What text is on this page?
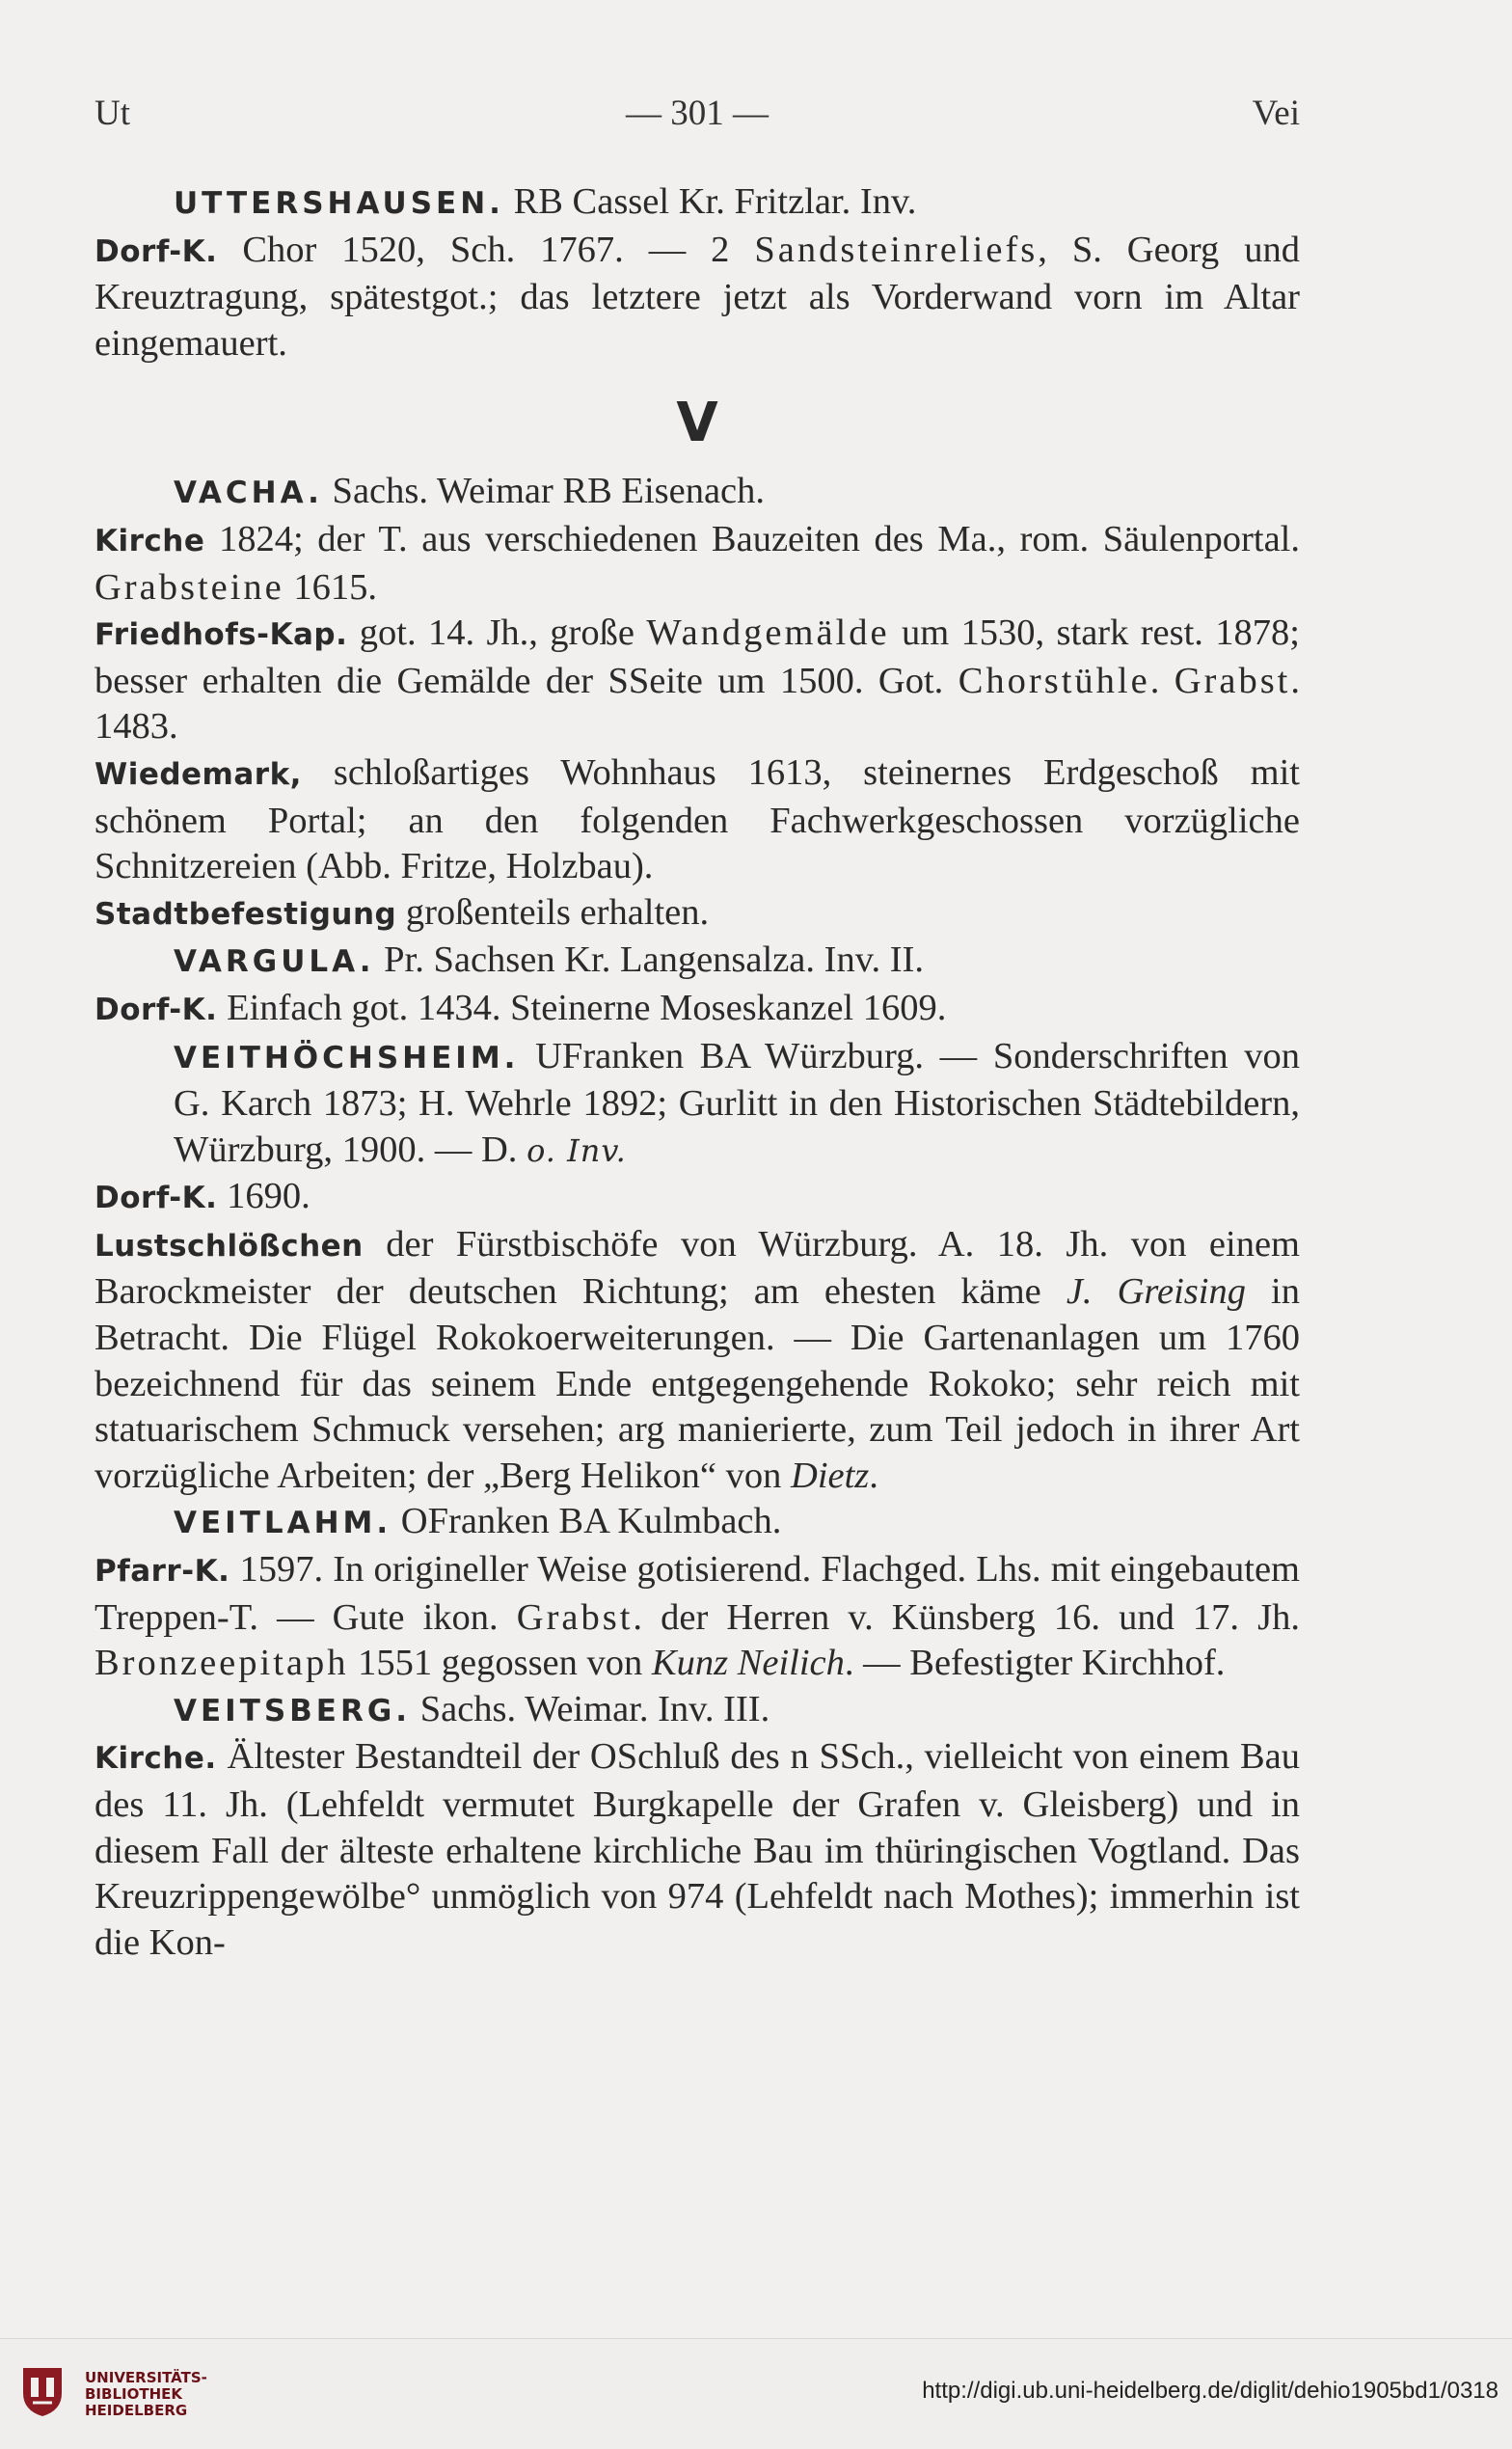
Ut	— 301 —	Vei

UTTERSHAUSEN. RB Cassel Kr. Fritzlar. Inv.

Dorf-K. Chor 1520, Sch. 1767. — 2 Sandsteinreliefs, S. Georg und Kreuztragung, spätestgot.; das letztere jetzt als Vorderwand vorn im Altar eingemauert.

V

VACHA. Sachs. Weimar RB Eisenach.

Kirche 1824; der T. aus verschiedenen Bauzeiten des Ma., rom. Säulenportal. Grabsteine 1615.

Friedhofs-Kap. got. 14. Jh., große Wandgemälde um 1530, stark rest. 1878; besser erhalten die Gemälde der SSeite um 1500. Got. Chorstühle. Grabst. 1483.

Wiedemark, schloßartiges Wohnhaus 1613, steinernes Erdgeschoß mit schönem Portal; an den folgenden Fachwerkgeschossen vorzügliche Schnitzereien (Abb. Fritze, Holzbau).

Stadtbefestigung großenteils erhalten.

VARGULA. Pr. Sachsen Kr. Langensalza. Inv. II.

Dorf-K. Einfach got. 1434. Steinerne Moseskanzel 1609.

VEITHÖCHSHEIM. UFranken BA Würzburg. — Sonderschriften von G. Karch 1873; H. Wehrle 1892; Gurlitt in den Historischen Städtebildern, Würzburg, 1900. — D. o. Inv.

Dorf-K. 1690.

Lustschlößchen der Fürstbischöfe von Würzburg. A. 18. Jh. von einem Barockmeister der deutschen Richtung; am ehesten käme J. Greising in Betracht. Die Flügel Rokokoerweiterungen. — Die Gartenanlagen um 1760 bezeichnend für das seinem Ende entgegengehende Rokoko; sehr reich mit statuarischem Schmuck versehen; arg manierierte, zum Teil jedoch in ihrer Art vorzügliche Arbeiten; der „Berg Helikon“ von Dietz.

VEITLAHM. OFranken BA Kulmbach.

Pfarr-K. 1597. In origineller Weise gotisierend. Flachged. Lhs. mit eingebautem Treppen-T. — Gute ikon. Grabst. der Herren v. Künsberg 16. und 17. Jh. Bronzeepitaph 1551 gegossen von Kunz Neilich. — Befestigter Kirchhof.

VEITSBERG. Sachs. Weimar. Inv. III.

Kirche. Ältester Bestandteil der OSchluß des n SSch., vielleicht von einem Bau des 11. Jh. (Lehfeldt vermutet Burgkapelle der Grafen v. Gleisberg) und in diesem Fall der älteste erhaltene kirchliche Bau im thüringischen Vogtland. Das Kreuzrippengewölbe° unmöglich von 974 (Lehfeldt nach Mothes); immerhin ist die Kon-

UNIVERSITÄTS-
BIBLIOTHEK
HEIDELBERG
http://digi.ub.uni-heidelberg.de/diglit/dehio1905bd1/0318
